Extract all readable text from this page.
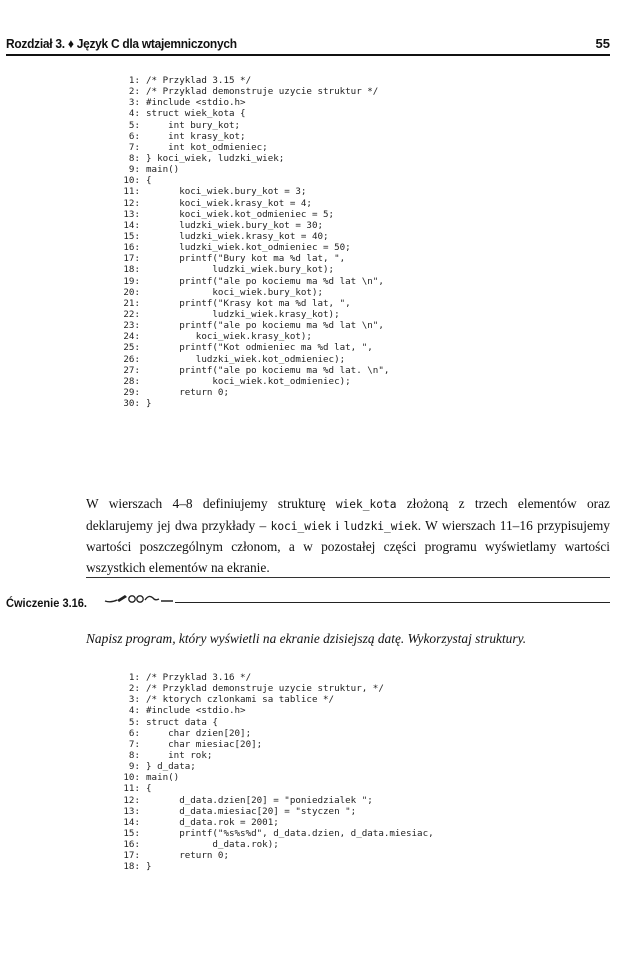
Rozdział 3. ♦ Język C dla wtajemniczonych	55
1: /* Przyklad 3.15 */
2: /* Przyklad demonstruje uzycie struktur */
3: #include <stdio.h>
4: struct wiek_kota {
5:    int bury_kot;
6:    int krasy_kot;
7:    int kot_odmieniec;
8: } koci_wiek, ludzki_wiek;
9: main()
10: {
11:      koci_wiek.bury_kot = 3;
12:      koci_wiek.krasy_kot = 4;
13:      koci_wiek.kot_odmieniec = 5;
14:      ludzki_wiek.bury_kot = 30;
15:      ludzki_wiek.krasy_kot = 40;
16:      ludzki_wiek.kot_odmieniec = 50;
17:      printf("Bury kot ma %d lat, ",
18:            ludzki_wiek.bury_kot);
19:      printf("ale po kociemu ma %d lat \n",
20:            koci_wiek.bury_kot);
21:      printf("Krasy kot ma %d lat, ",
22:            ludzki_wiek.krasy_kot);
23:      printf("ale po kociemu ma %d lat \n",
24:         koci_wiek.krasy_kot);
25:      printf("Kot odmieniec ma %d lat, ",
26:         ludzki_wiek.kot_odmieniec);
27:      printf("ale po kociemu ma %d lat. \n",
28:            koci_wiek.kot_odmieniec);
29:      return 0;
30: }

W wierszach 4–8 definiujemy strukturę wiek_kota złożoną z trzech elementów oraz deklarujemy jej dwa przykłady – koci_wiek i ludzki_wiek. W wierszach 11–16 przypisujemy wartości poszczególnym członom, a w pozostałej części programu wyświetlamy wartości wszystkich elementów na ekranie.

Ćwiczenie 3.16.

Napisz program, który wyświetli na ekranie dzisiejszą datę. Wykorzystaj struktury.

1: /* Przyklad 3.16 */
2: /* Przyklad demonstruje uzycie struktur, */
3: /* ktorych czlonkami sa tablice */
4: #include <stdio.h>
5: struct data {
6:    char dzien[20];
7:    char miesiac[20];
8:    int rok;
9: } d_data;
10: main()
11: {
12:      d_data.dzien[20] = "poniedzialek ";
13:      d_data.miesiac[20] = "styczen ";
14:      d_data.rok = 2001;
15:      printf("%s%s%d", d_data.dzien, d_data.miesiac,
16:            d_data.rok);
17:      return 0;
18: }
